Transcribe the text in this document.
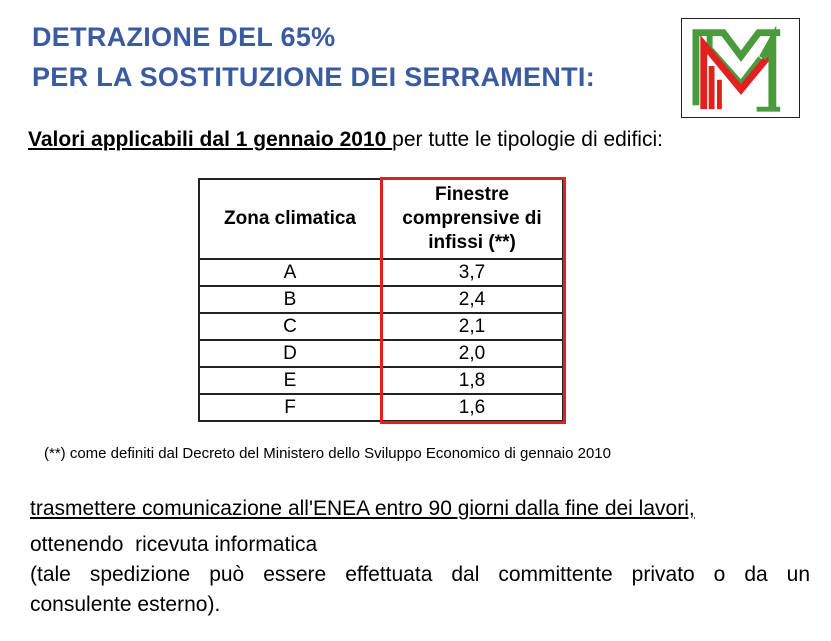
DETRAZIONE DEL 65%
PER LA SOSTITUZIONE DEI SERRAMENTI:
Valori applicabili dal 1 gennaio 2010 per tutte le tipologie di edifici:
Zona climatica	Finestre comprensive di infissi (**)
A	3,7
B	2,4
C	2,1
D	2,0
E	1,8
F	1,6
(**) come definiti dal Decreto del Ministero dello Sviluppo Economico di gennaio 2010
trasmettere comunicazione all'ENEA entro 90 giorni dalla fine dei lavori,
ottenendo  ricevuta informatica
(tale spedizione può essere effettuata dal committente privato o da un
consulente esterno).
